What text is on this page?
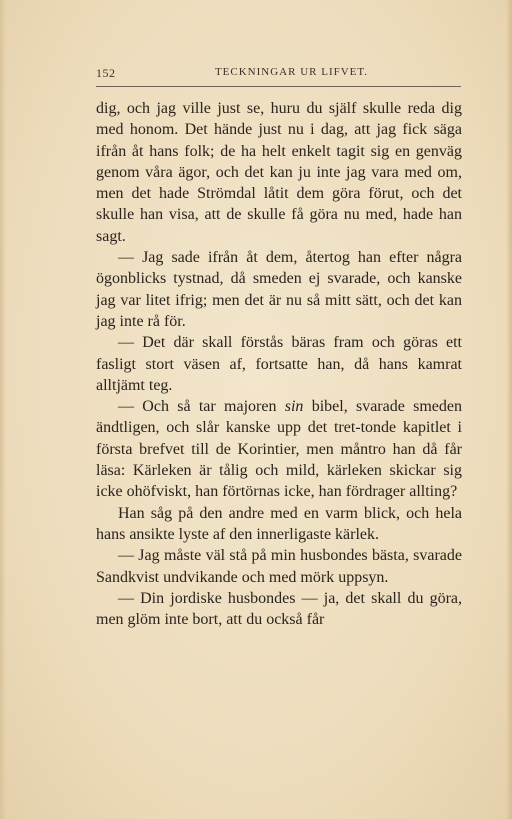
152	TECKNINGAR UR LIFVET.

dig, och jag ville just se, huru du själf skulle reda dig med honom. Det hände just nu i dag, att jag fick säga ifrån åt hans folk; de ha helt enkelt tagit sig en genväg genom våra ägor, och det kan ju inte jag vara med om, men det hade Strömdal låtit dem göra förut, och det skulle han visa, att de skulle få göra nu med, hade han sagt.

— Jag sade ifrån åt dem, återtog han efter några ögonblicks tystnad, då smeden ej svarade, och kanske jag var litet ifrig; men det är nu så mitt sätt, och det kan jag inte rå för.

— Det där skall förstås bäras fram och göras ett fasligt stort väsen af, fortsatte han, då hans kamrat alltjämt teg.

— Och så tar majoren sin bibel, svarade smeden ändtligen, och slår kanske upp det tret-tonde kapitlet i första brefvet till de Korintier, men måntro han då får läsa: Kärleken är tålig och mild, kärleken skickar sig icke ohöfviskt, han förtörnas icke, han fördrager allting?

Han såg på den andre med en varm blick, och hela hans ansikte lyste af den innerligaste kärlek.

— Jag måste väl stå på min husbondes bästa, svarade Sandkvist undvikande och med mörk uppsyn.

— Din jordiske husbondes — ja, det skall du göra, men glöm inte bort, att du också får
